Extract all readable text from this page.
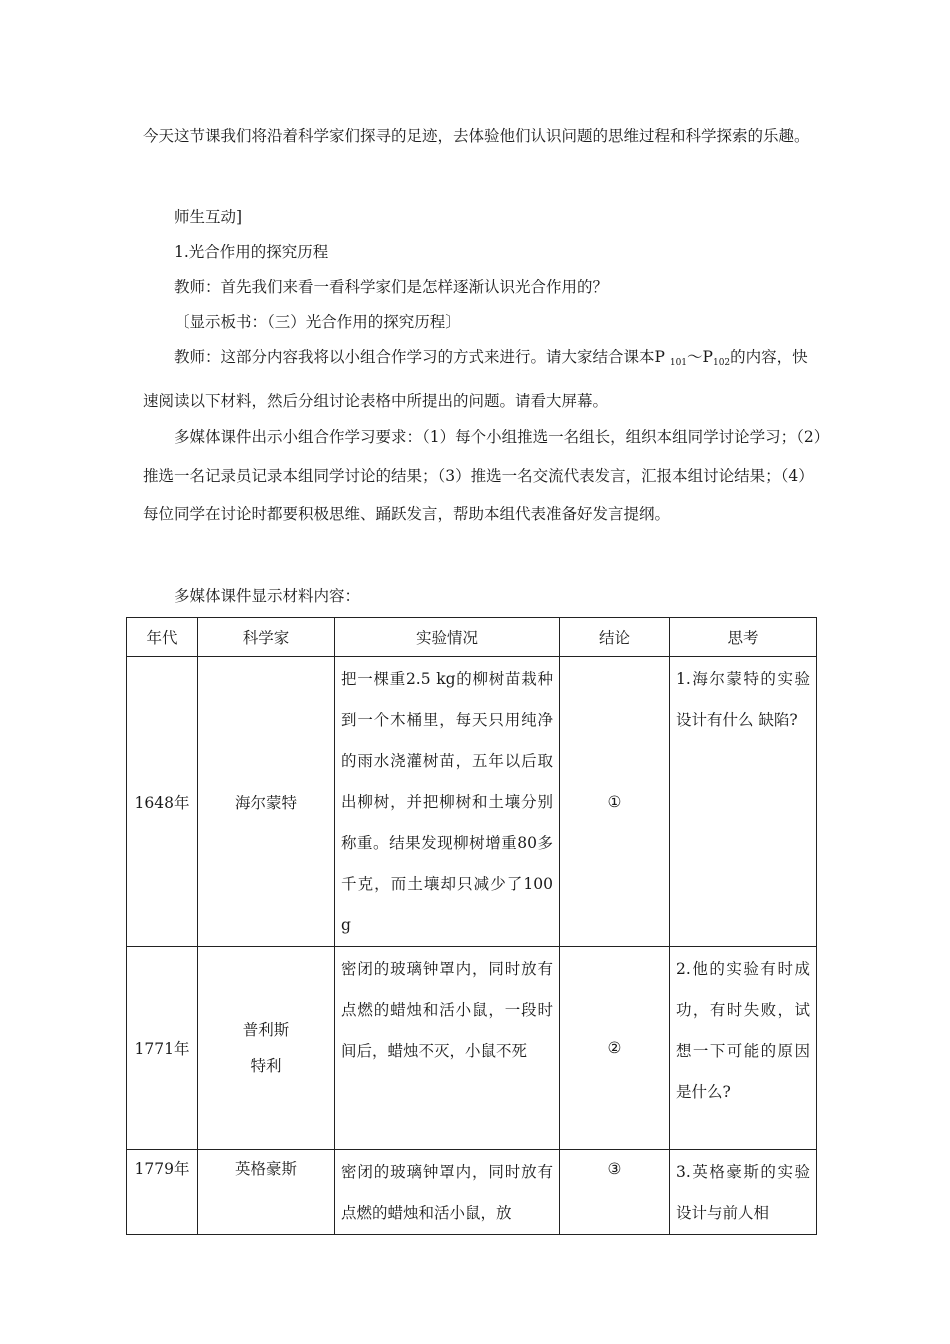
今天这节课我们将沿着科学家们探寻的足迹，去体验他们认识问题的思维过程和科学探索的乐趣。

师生互动]

1.光合作用的探究历程

教师：首先我们来看一看科学家们是怎样逐渐认识光合作用的？

〔显示板书：（三）光合作用的探究历程〕

教师：这部分内容我将以小组合作学习的方式来进行。请大家结合课本P $_{101}\sim P_{102}$的内容，快速阅读以下材料，然后分组讨论表格中所提出的问题。请看大屏幕。

多媒体课件出示小组合作学习要求：（1）每个小组推选一名组长，组织本组同学讨论学习；（2）推选一名记录员记录本组同学讨论的结果；（3）推选一名交流代表发言，汇报本组讨论结果；（4）每位同学在讨论时都要积极思维、踊跃发言，帮助本组代表准备好发言提纲。

多媒体课件显示材料内容：

年代	科学家	实验情况	结论	思考
1648年	海尔蒙特	把一棵重2.5 kg的柳树苗栽种到一个木桶里，每天只用纯净的雨水浇灌树苗，五年以后取出柳树，并把柳树和土壤分别称重。结果发现柳树增重80多千克，而土壤却只减少了100 g	①	1.海尔蒙特的实验设计有什么 缺陷?
1771年	普利斯
特利	密闭的玻璃钟罩内，同时放有点燃的蜡烛和活小鼠，一段时间后，蜡烛不灭，小鼠不死	②	2.他的实验有时成功，有时失败，试想一下可能的原因是什么?
1779年	英格豪斯	密闭的玻璃钟罩内，同时放有点燃的蜡烛和活小鼠，放	③	3.英格豪斯的实验设计与前人相
